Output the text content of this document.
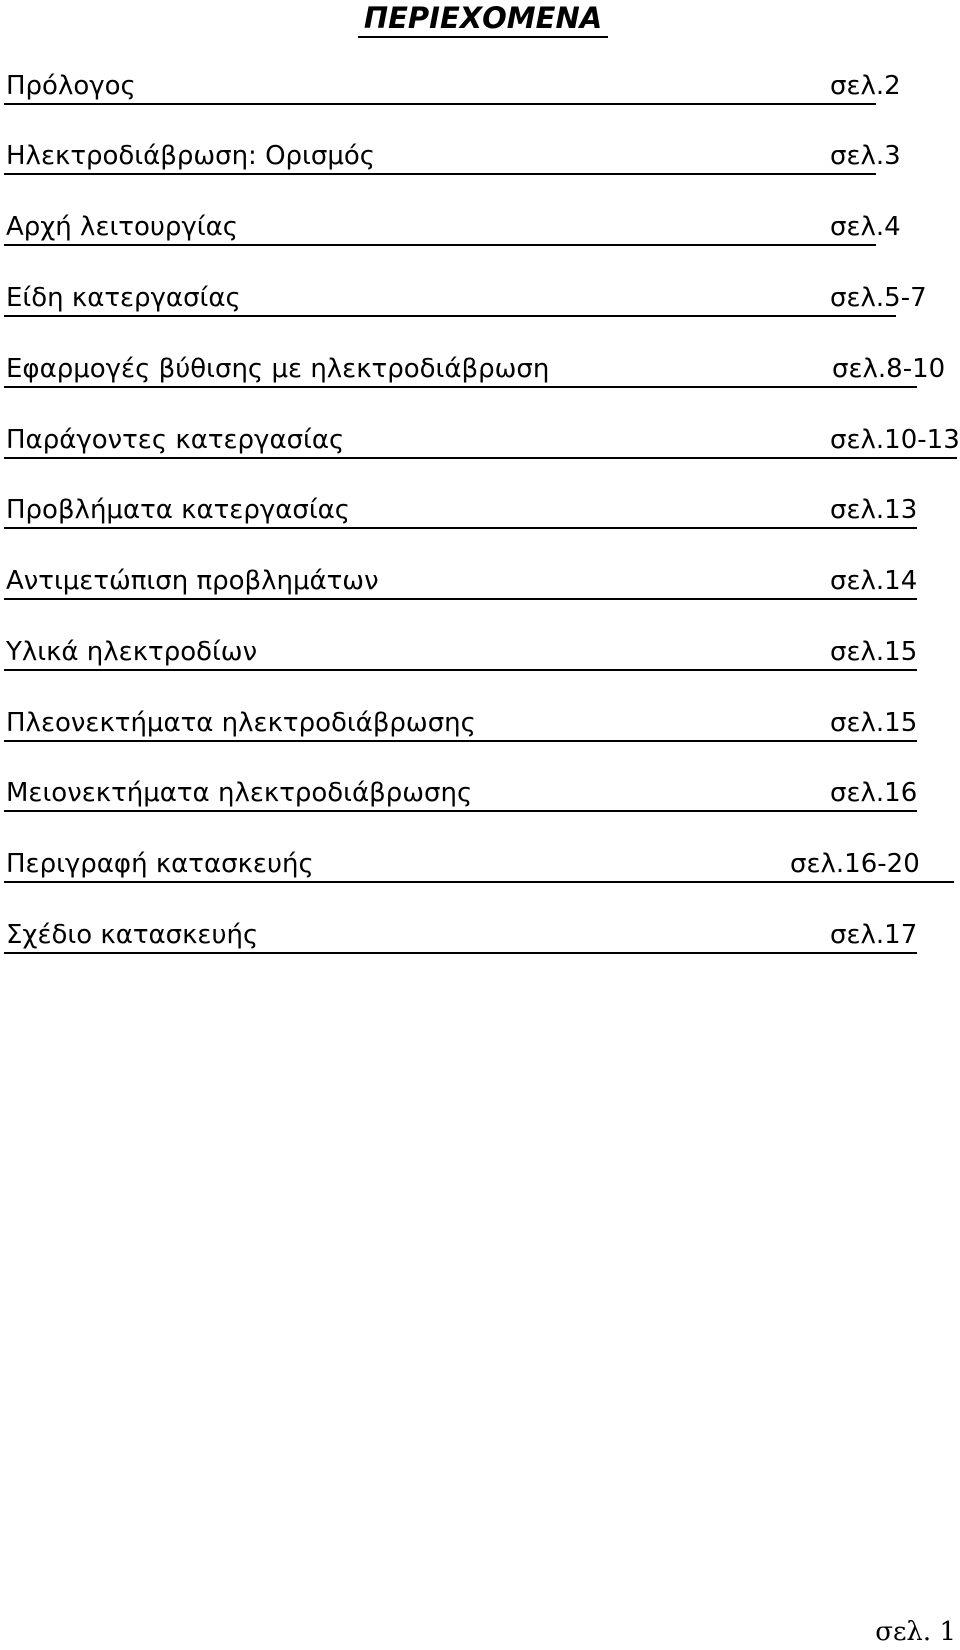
ΠΕΡΙΕΧΟΜΕΝΑ
Πρόλογος	σελ.2
Ηλεκτροδιάβρωση: Ορισμός	σελ.3
Αρχή λειτουργίας	σελ.4
Είδη κατεργασίας	σελ.5-7
Εφαρμογές βύθισης με ηλεκτροδιάβρωση	σελ.8-10
Παράγοντες κατεργασίας	σελ.10-13
Προβλήματα κατεργασίας	σελ.13
Αντιμετώπιση προβλημάτων	σελ.14
Υλικά ηλεκτροδίων	σελ.15
Πλεονεκτήματα ηλεκτροδιάβρωσης	σελ.15
Μειονεκτήματα ηλεκτροδιάβρωσης	σελ.16
Περιγραφή κατασκευής	σελ.16-20
Σχέδιο κατασκευής	σελ.17
σελ. 1
